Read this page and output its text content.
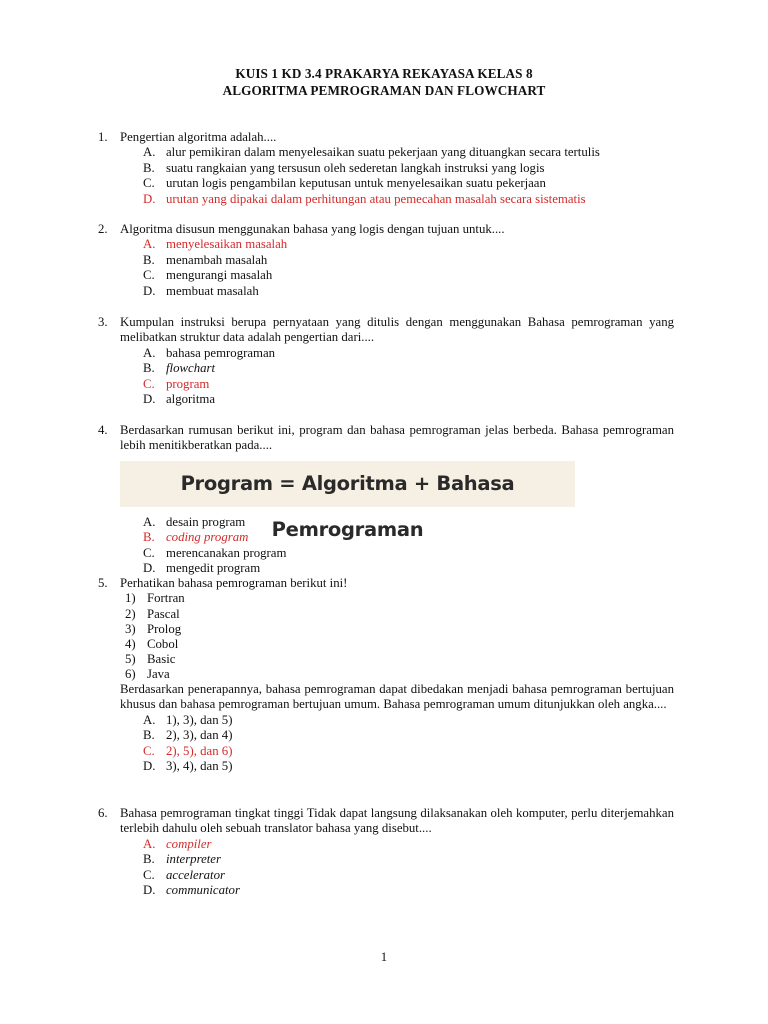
KUIS 1 KD 3.4 PRAKARYA REKAYASA KELAS 8
ALGORITMA PEMROGRAMAN DAN FLOWCHART
1. Pengertian algoritma adalah....
A. alur pemikiran dalam menyelesaikan suatu pekerjaan yang dituangkan secara tertulis
B. suatu rangkaian yang tersusun oleh sederetan langkah instruksi yang logis
C. urutan logis pengambilan keputusan untuk menyelesaikan suatu pekerjaan
D. urutan yang dipakai dalam perhitungan atau pemecahan masalah secara sistematis
2. Algoritma disusun menggunakan bahasa yang logis dengan tujuan untuk....
A. menyelesaikan masalah
B. menambah masalah
C. mengurangi masalah
D. membuat masalah
3. Kumpulan instruksi berupa pernyataan yang ditulis dengan menggunakan Bahasa pemrograman yang melibatkan struktur data adalah pengertian dari....
A. bahasa pemrograman
B. flowchart
C. program
D. algoritma
4. Berdasarkan rumusan berikut ini, program dan bahasa pemrograman jelas berbeda. Bahasa pemrograman lebih menitikberatkan pada....
Program = Algoritma + Bahasa Pemrograman
A. desain program
B. coding program
C. merencanakan program
D. mengedit program
5. Perhatikan bahasa pemrograman berikut ini!
1) Fortran
2) Pascal
3) Prolog
4) Cobol
5) Basic
6) Java
Berdasarkan penerapannya, bahasa pemrograman dapat dibedakan menjadi bahasa pemrograman bertujuan khusus dan bahasa pemrograman bertujuan umum. Bahasa pemrograman umum ditunjukkan oleh angka....
A. 1), 3), dan 5)
B. 2), 3), dan 4)
C. 2), 5), dan 6)
D. 3), 4), dan 5)
6. Bahasa pemrograman tingkat tinggi Tidak dapat langsung dilaksanakan oleh komputer, perlu diterjemahkan terlebih dahulu oleh sebuah translator bahasa yang disebut....
A. compiler
B. interpreter
C. accelerator
D. communicator
1
